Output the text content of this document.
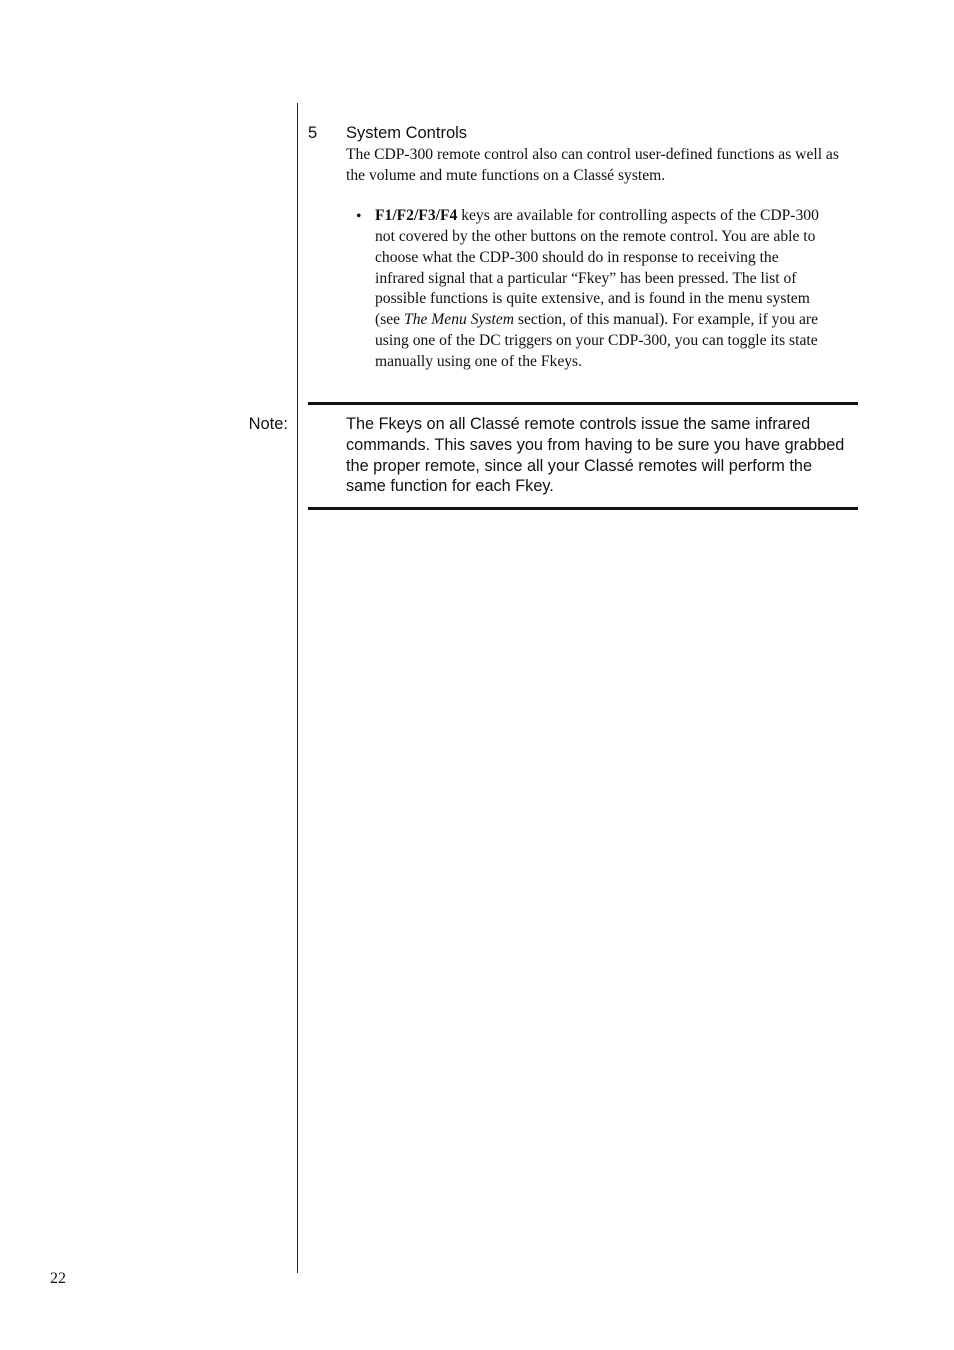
5 System Controls

The CDP-300 remote control also can control user-defined functions as well as the volume and mute functions on a Classé system.

• F1/F2/F3/F4 keys are available for controlling aspects of the CDP-300 not covered by the other buttons on the remote control. You are able to choose what the CDP-300 should do in response to receiving the infrared signal that a particular “Fkey” has been pressed. The list of possible functions is quite extensive, and is found in the menu system (see The Menu System section, of this manual). For example, if you are using one of the DC triggers on your CDP-300, you can toggle its state manually using one of the Fkeys.

Note:	The Fkeys on all Classé remote controls issue the same infrared commands. This saves you from having to be sure you have grabbed the proper remote, since all your Classé remotes will perform the same function for each Fkey.

22
